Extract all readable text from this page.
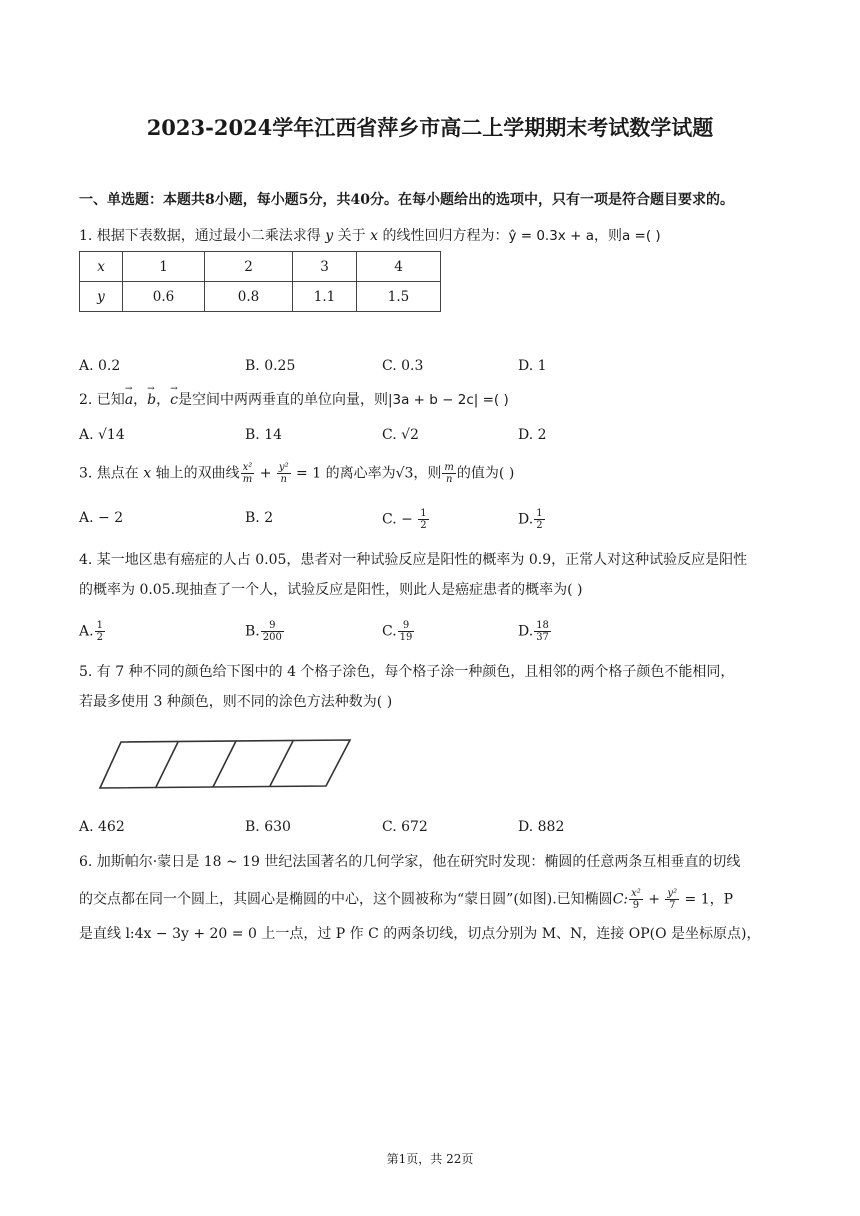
2023-2024学年江西省萍乡市高二上学期期末考试数学试题
一、单选题：本题共8小题，每小题5分，共40分。在每小题给出的选项中，只有一项是符合题目要求的。
1. 根据下表数据，通过最小二乘法求得 y 关于 x 的线性回归方程为：ŷ = 0.3x + a，则a =( )
x	1	2	3	4
y	0.6	0.8	1.1	1.5
A. 0.2	B. 0.25	C. 0.3	D. 1
2. 已知→ a，→ b，→ c是空间中两两垂直的单位向量，则|3a + b − 2c| =( )
A. √14	B. 14	C. √2	D. 2
3. 焦点在 x 轴上的双曲线 $\frac{\text{x²}}{m} + \frac{\text{y²}}{n} = 1$ 的离心率为√3，则 $\frac{m}{n}$ 的值为( )
A. − 2	B. 2	C. − $\frac{1}{2}$	D. $\frac{1}{2}$
4. 某一地区患有癌症的人占 0.05，患者对一种试验反应是阳性的概率为 0.9，正常人对这种试验反应是阳性
的概率为 0.05.现抽查了一个人，试验反应是阳性，则此人是癌症患者的概率为( )
A. $\frac{1}{2}$	B. $\frac{9}{200}$	C. $\frac{9}{19}$	D. $\frac{18}{37}$
5. 有 7 种不同的颜色给下图中的 4 个格子涂色，每个格子涂一种颜色，且相邻的两个格子颜色不能相同，
若最多使用 3 种颜色，则不同的涂色方法种数为( )
A. 462	B. 630	C. 672	D. 882
6. 加斯帕尔·蒙日是 18 ∼ 19 世纪法国著名的几何学家，他在研究时发现：椭圆的任意两条互相垂直的切线
的交点都在同一个圆上，其圆心是椭圆的中心，这个圆被称为“蒙日圆”(如图).已知椭圆C: $\frac{\text{x²}}{9} + \frac{\text{y²}}{7} = 1$，P
是直线 l:4x − 3y + 20 = 0 上一点，过 P 作 C 的两条切线，切点分别为 M、N，连接 OP(O 是坐标原点)，
第1页，共 22页
